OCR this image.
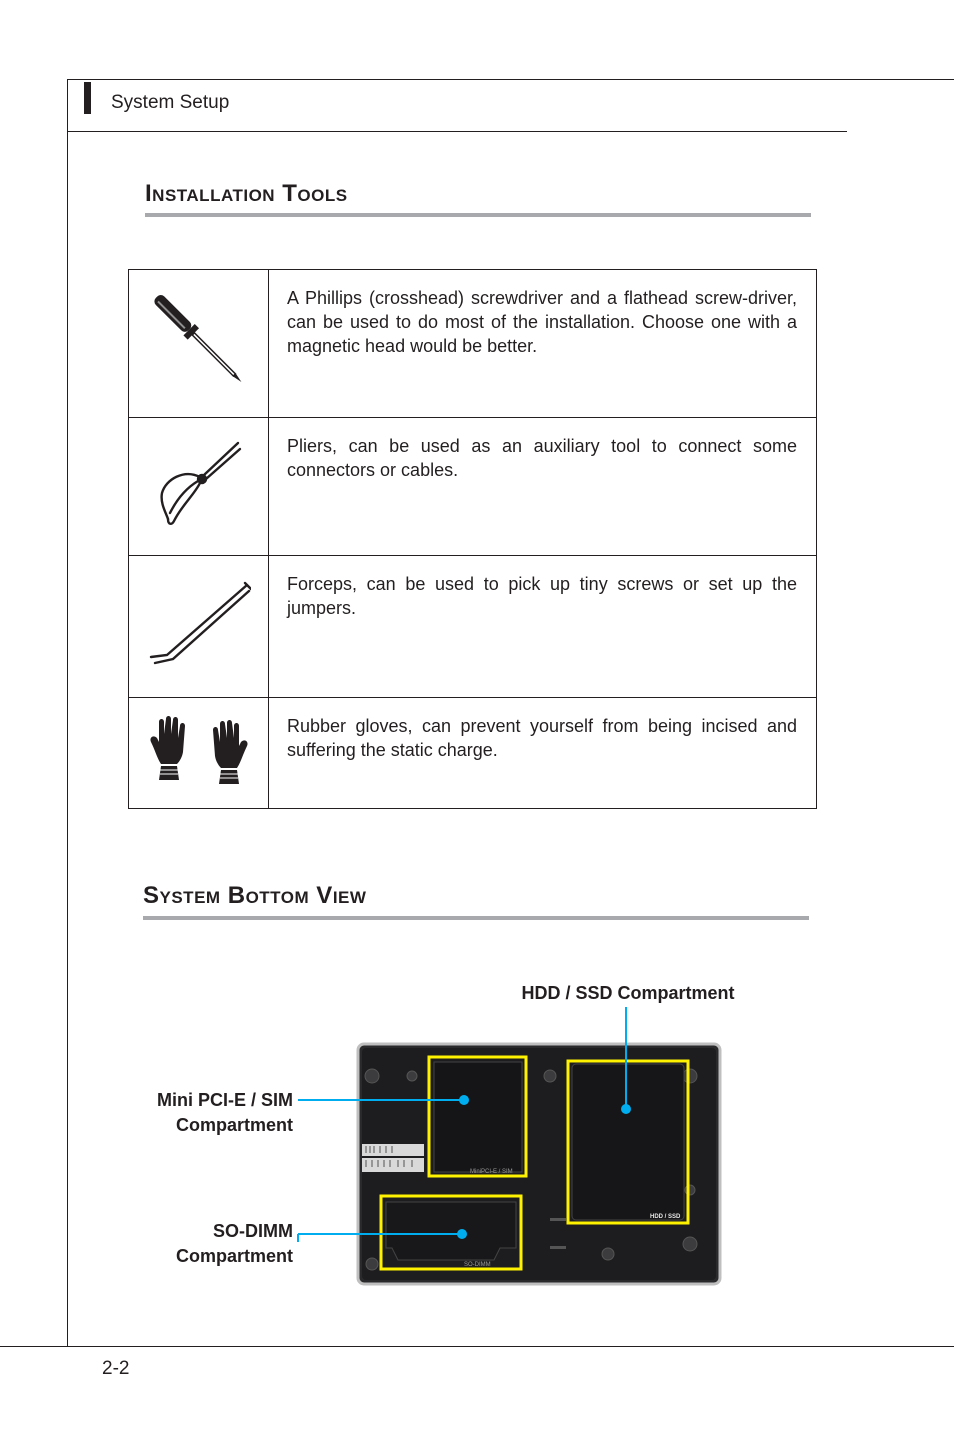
System Setup
Installation Tools
	A Phillips (crosshead) screwdriver and a flathead screw-driver, can be used to do most of the installation. Choose one with a magnetic head would be better.
	Pliers, can be used as an auxiliary tool to connect some connectors or cables.
	Forceps, can be used to pick up tiny screws or set up the jumpers.
	Rubber gloves, can prevent yourself from being incised and suffering the static charge.
System Bottom View
MiniPCI-E / SIM
HDD / SSD
SO-DIMM
HDD / SSD Compartment
Mini PCI-E / SIM
Compartment
SO-DIMM
Compartment
2-2
